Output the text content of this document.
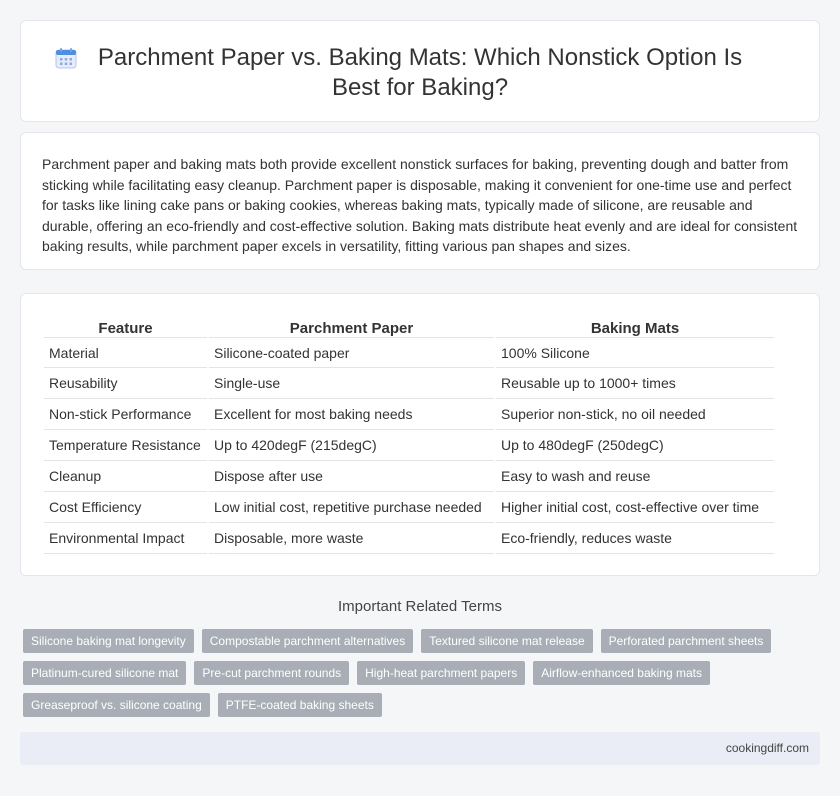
Parchment Paper vs. Baking Mats: Which Nonstick Option Is Best for Baking?

Parchment paper and baking mats both provide excellent nonstick surfaces for baking, preventing dough and batter from sticking while facilitating easy cleanup. Parchment paper is disposable, making it convenient for one-time use and perfect for tasks like lining cake pans or baking cookies, whereas baking mats, typically made of silicone, are reusable and durable, offering an eco-friendly and cost-effective solution. Baking mats distribute heat evenly and are ideal for consistent baking results, while parchment paper excels in versatility, fitting various pan shapes and sizes.

Feature	Parchment Paper	Baking Mats
Material	Silicone-coated paper	100% Silicone
Reusability	Single-use	Reusable up to 1000+ times
Non-stick Performance	Excellent for most baking needs	Superior non-stick, no oil needed
Temperature Resistance	Up to 420degF (215degC)	Up to 480degF (250degC)
Cleanup	Dispose after use	Easy to wash and reuse
Cost Efficiency	Low initial cost, repetitive purchase needed	Higher initial cost, cost-effective over time
Environmental Impact	Disposable, more waste	Eco-friendly, reduces waste
Important Related Terms
Silicone baking mat longevity	Compostable parchment alternatives	Textured silicone mat release	Perforated parchment sheets
Platinum-cured silicone mat	Pre-cut parchment rounds	High-heat parchment papers	Airflow-enhanced baking mats
Greaseproof vs. silicone coating	PTFE-coated baking sheets
cookingdiff.com
